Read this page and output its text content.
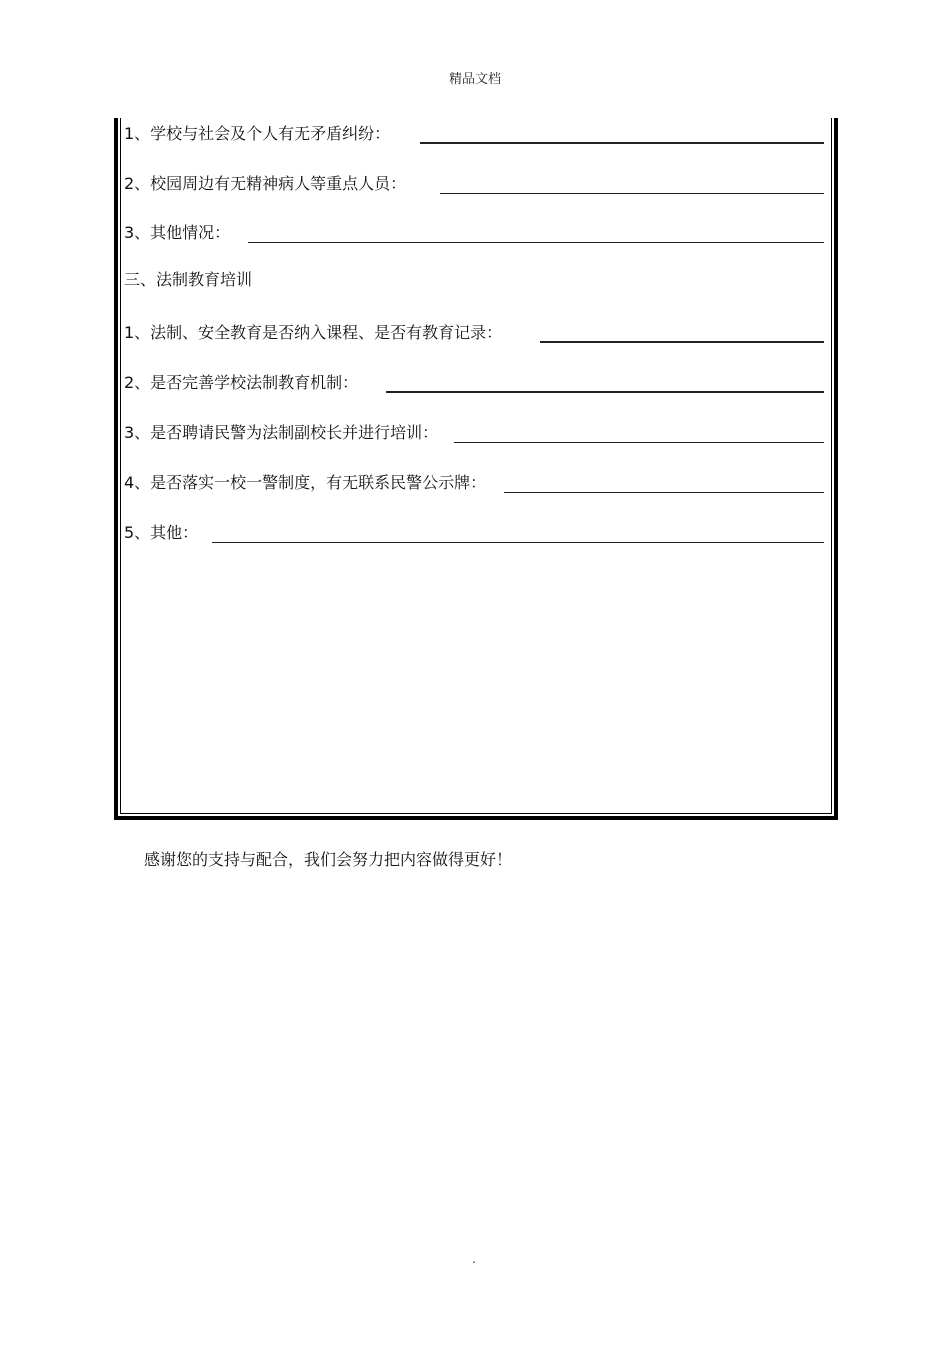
精品文档
1、学校与社会及个人有无矛盾纠纷：
2、校园周边有无精神病人等重点人员：
3、其他情况：
三、法制教育培训
1、法制、安全教育是否纳入课程、是否有教育记录：
2、是否完善学校法制教育机制：
3、是否聘请民警为法制副校长并进行培训：
4、是否落实一校一警制度，有无联系民警公示牌：
5、其他：
感谢您的支持与配合，我们会努力把内容做得更好！
.
